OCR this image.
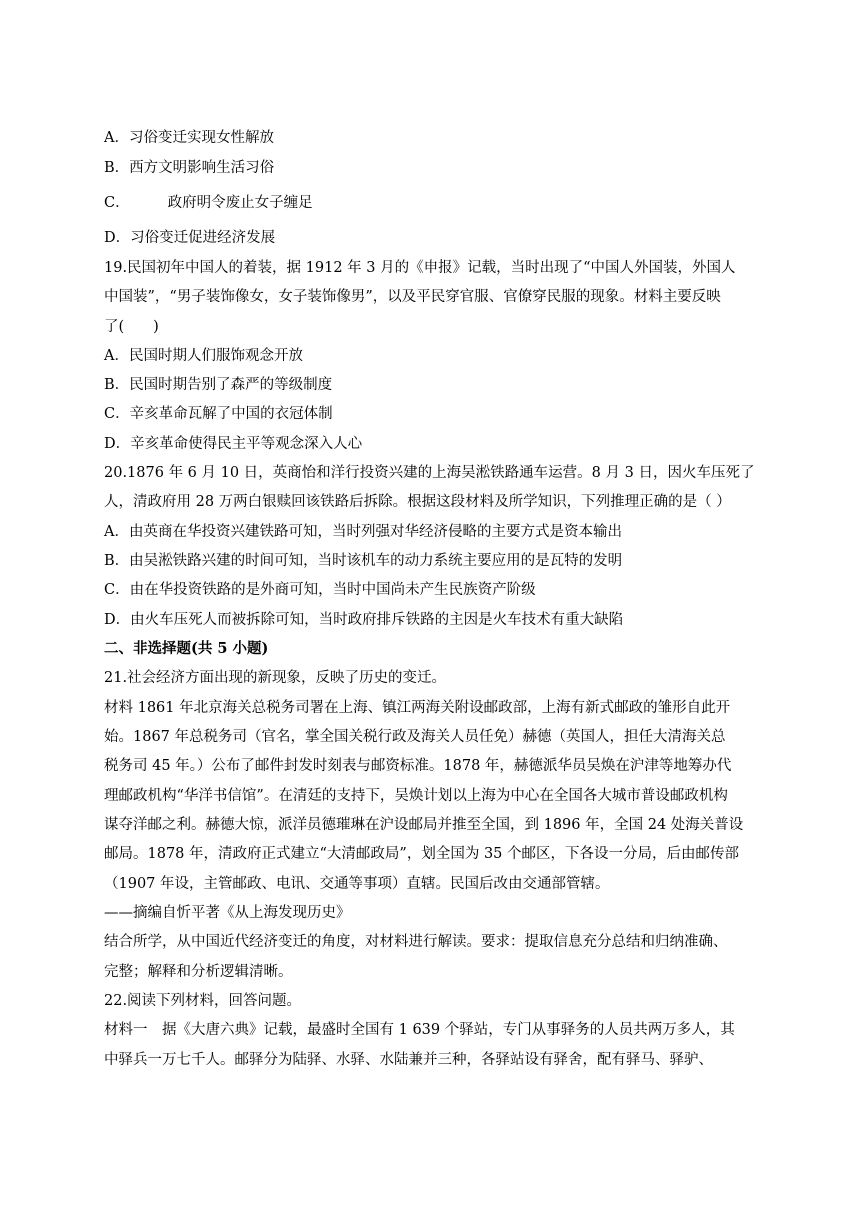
A．习俗变迁实现女性解放
B．西方文明影响生活习俗
C．	政府明令废止女子缠足
D．习俗变迁促进经济发展
19.民国初年中国人的着装，据 1912 年 3 月的《申报》记载，当时出现了“中国人外国装，外国人
中国装”，“男子装饰像女，女子装饰像男”，以及平民穿官服、官僚穿民服的现象。材料主要反映
了(　　)
A．民国时期人们服饰观念开放
B．民国时期告别了森严的等级制度
C．辛亥革命瓦解了中国的衣冠体制
D．辛亥革命使得民主平等观念深入人心
20.1876 年 6 月 10 日，英商怡和洋行投资兴建的上海吴淞铁路通车运营。8 月 3 日，因火车压死了
人，清政府用 28 万两白银赎回该铁路后拆除。根据这段材料及所学知识，下列推理正确的是（ ）
A．由英商在华投资兴建铁路可知，当时列强对华经济侵略的主要方式是资本输出
B．由吴淞铁路兴建的时间可知，当时该机车的动力系统主要应用的是瓦特的发明
C．由在华投资铁路的是外商可知，当时中国尚未产生民族资产阶级
D．由火车压死人而被拆除可知，当时政府排斥铁路的主因是火车技术有重大缺陷
二、非选择题(共 5 小题)
21.社会经济方面出现的新现象，反映了历史的变迁。
材料 1861 年北京海关总税务司署在上海、镇江两海关附设邮政部，上海有新式邮政的雏形自此开
始。1867 年总税务司（官名，掌全国关税行政及海关人员任免）赫德（英国人，担任大清海关总
税务司 45 年。）公布了邮件封发时刻表与邮资标准。1878 年，赫德派华员吴焕在沪津等地筹办代
理邮政机构“华洋书信馆”。在清廷的支持下，吴焕计划以上海为中心在全国各大城市普设邮政机构
谋夺洋邮之利。赫德大惊，派洋员德璀琳在沪设邮局并推至全国，到 1896 年，全国 24 处海关普设
邮局。1878 年，清政府正式建立“大清邮政局”，划全国为 35 个邮区，下各设一分局，后由邮传部
（1907 年设，主管邮政、电讯、交通等事项）直辖。民国后改由交通部管辖。
——摘编自忻平著《从上海发现历史》
结合所学，从中国近代经济变迁的角度，对材料进行解读。要求：提取信息充分总结和归纳准确、
完整；解释和分析逻辑清晰。
22.阅读下列材料，回答问题。
材料一　据《大唐六典》记载，最盛时全国有 1 639 个驿站，专门从事驿务的人员共两万多人，其
中驿兵一万七千人。邮驿分为陆驿、水驿、水陆兼并三种，各驿站设有驿舍，配有驿马、驿驴、
